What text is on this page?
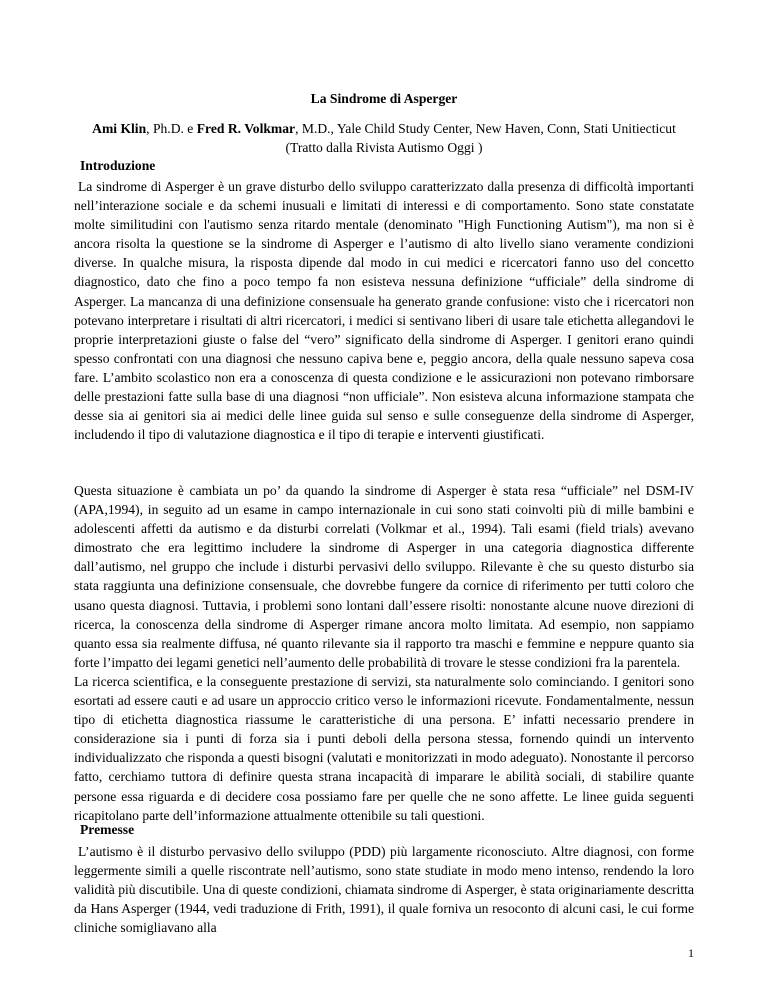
La Sindrome di Asperger

Ami Klin, Ph.D. e Fred R. Volkmar, M.D., Yale Child Study Center, New Haven, Conn, Stati Unitiecticut (Tratto dalla Rivista Autismo Oggi )

Introduzione

La sindrome di Asperger è un grave disturbo dello sviluppo caratterizzato dalla presenza di difficoltà importanti nell’interazione sociale e da schemi inusuali e limitati di interessi e di comportamento. Sono state constatate molte similitudini con l'autismo senza ritardo mentale (denominato "High Functioning Autism"), ma non si è ancora risolta la questione se la sindrome di Asperger e l’autismo di alto livello siano veramente condizioni diverse. In qualche misura, la risposta dipende dal modo in cui medici e ricercatori fanno uso del concetto diagnostico, dato che fino a poco tempo fa non esisteva nessuna definizione “ufficiale” della sindrome di Asperger. La mancanza di una definizione consensuale ha generato grande confusione: visto che i ricercatori non potevano interpretare i risultati di altri ricercatori, i medici si sentivano liberi di usare tale etichetta allegandovi le proprie interpretazioni giuste o false del “vero” significato della sindrome di Asperger. I genitori erano quindi spesso confrontati con una diagnosi che nessuno capiva bene e, peggio ancora, della quale nessuno sapeva cosa fare. L’ambito scolastico non era a conoscenza di questa condizione e le assicurazioni non potevano rimborsare delle prestazioni fatte sulla base di una diagnosi “non ufficiale”. Non esisteva alcuna informazione stampata che desse sia ai genitori sia ai medici delle linee guida sul senso e sulle conseguenze della sindrome di Asperger, includendo il tipo di valutazione diagnostica e il tipo di terapie e interventi giustificati.

Questa situazione è cambiata un po’ da quando la sindrome di Asperger è stata resa “ufficiale” nel DSM-IV (APA,1994), in seguito ad un esame in campo internazionale in cui sono stati coinvolti più di mille bambini e adolescenti affetti da autismo e da disturbi correlati (Volkmar et al., 1994). Tali esami (field trials) avevano dimostrato che era legittimo includere la sindrome di Asperger in una categoria diagnostica differente dall’autismo, nel gruppo che include i disturbi pervasivi dello sviluppo. Rilevante è che su questo disturbo sia stata raggiunta una definizione consensuale, che dovrebbe fungere da cornice di riferimento per tutti coloro che usano questa diagnosi. Tuttavia, i problemi sono lontani dall’essere risolti: nonostante alcune nuove direzioni di ricerca, la conoscenza della sindrome di Asperger rimane ancora molto limitata. Ad esempio, non sappiamo quanto essa sia realmente diffusa, né quanto rilevante sia il rapporto tra maschi e femmine e neppure quanto sia forte l’impatto dei legami genetici nell’aumento delle probabilità di trovare le stesse condizioni fra la parentela.

La ricerca scientifica, e la conseguente prestazione di servizi, sta naturalmente solo cominciando. I genitori sono esortati ad essere cauti e ad usare un approccio critico verso le informazioni ricevute. Fondamentalmente, nessun tipo di etichetta diagnostica riassume le caratteristiche di una persona. E’ infatti necessario prendere in considerazione sia i punti di forza sia i punti deboli della persona stessa, fornendo quindi un intervento individualizzato che risponda a questi bisogni (valutati e monitorizzati in modo adeguato). Nonostante il percorso fatto, cerchiamo tuttora di definire questa strana incapacità di imparare le abilità sociali, di stabilire quante persone essa riguarda e di decidere cosa possiamo fare per quelle che ne sono affette. Le linee guida seguenti ricapitolano parte dell’informazione attualmente ottenibile su tali questioni.

Premesse

L’autismo è il disturbo pervasivo dello sviluppo (PDD) più largamente riconosciuto. Altre diagnosi, con forme leggermente simili a quelle riscontrate nell’autismo, sono state studiate in modo meno intenso, rendendo la loro validità più discutibile. Una di queste condizioni, chiamata sindrome di Asperger, è stata originariamente descritta da Hans Asperger (1944, vedi traduzione di Frith, 1991), il quale forniva un resoconto di alcuni casi, le cui forme cliniche somigliavano alla

1
